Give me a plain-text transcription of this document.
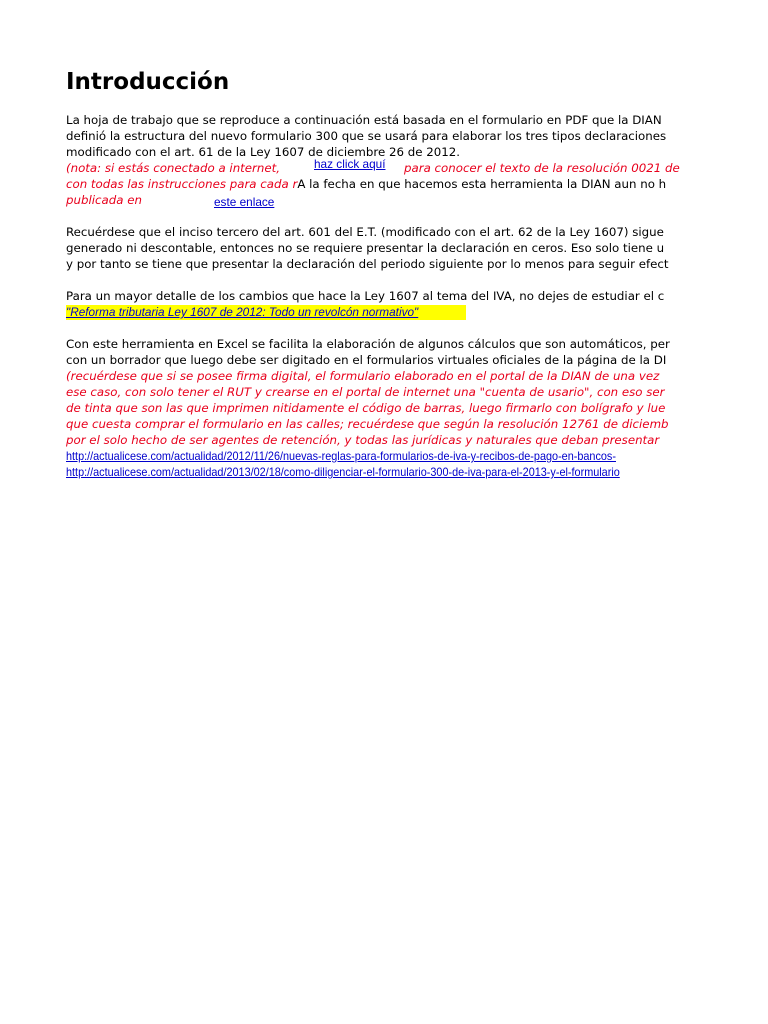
Introducción
La hoja de trabajo que se reproduce a continuación está basada en el formulario en PDF que la DIAN
definió la estructura del nuevo formulario 300 que se usará para elaborar los tres tipos declaraciones
modificado con el art. 61 de la Ley 1607 de diciembre 26 de 2012.
(nota: si estás conectado a internet,	haz click aquí para conocer el texto de la resolución 0021 de
con todas las instrucciones para cada rA la fecha en que hacemos esta herramienta la DIAN aun no h
publicada en	este enlace
Recuérdese que el inciso tercero del art. 601 del E.T. (modificado con el art. 62 de la Ley 1607) sigue
generado ni descontable, entonces no se requiere presentar la declaración en ceros. Eso solo tiene u
y por tanto se tiene que presentar la declaración del periodo siguiente por lo menos para seguir efect
Para un mayor detalle de los cambios que hace la Ley 1607 al tema del IVA, no dejes de estudiar el c
"Reforma tributaria Ley 1607 de 2012: Todo un revolcón normativo"
Con este herramienta en Excel se facilita la elaboración de algunos cálculos que son automáticos, per
con un borrador que luego debe ser digitado en el formularios virtuales oficiales de la página de la DI
(recuérdese que si se posee firma digital, el formulario elaborado en el portal de la DIAN de una vez
ese caso, con solo tener el RUT y crearse en el portal de internet una "cuenta de usario", con eso ser
de tinta que son las que imprimen nitidamente el código de barras, luego firmarlo con bolígrafo y lue
que cuesta comprar el formulario en las calles; recuérdese que según la resolución 12761 de diciemb
por el solo hecho de ser agentes de retención, y todas las jurídicas y naturales que deban presentar
http://actualicese.com/actualidad/2012/11/26/nuevas-reglas-para-formularios-de-iva-y-recibos-de-pago-en-bancos-
http://actualicese.com/actualidad/2013/02/18/como-diligenciar-el-formulario-300-de-iva-para-el-2013-y-el-formulario
